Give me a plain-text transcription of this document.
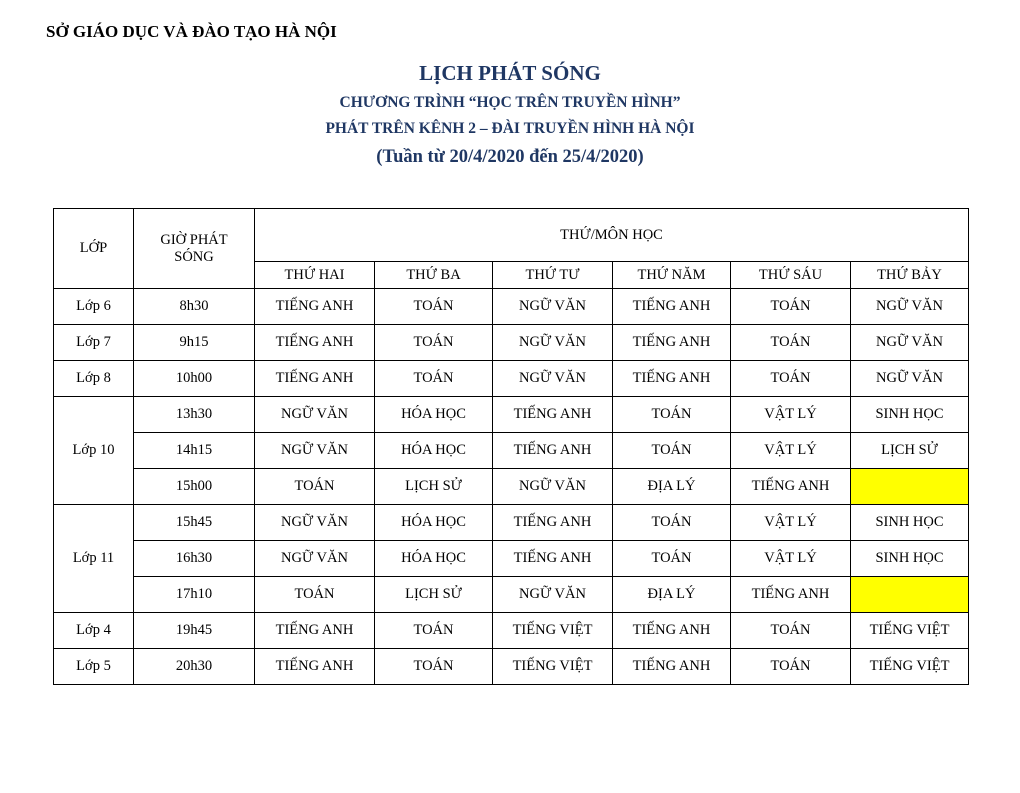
SỞ GIÁO DỤC VÀ ĐÀO TẠO HÀ NỘI
LỊCH PHÁT SÓNG
CHƯƠNG TRÌNH “HỌC TRÊN TRUYỀN HÌNH”
PHÁT TRÊN KÊNH 2 – ĐÀI TRUYỀN HÌNH HÀ NỘI
(Tuần từ 20/4/2020 đến 25/4/2020)
LỚP	GIỜ PHÁT SÓNG	THỨ/MÔN HỌC					
		THỨ HAI	THỨ BA	THỨ TƯ	THỨ NĂM	THỨ SÁU	THỨ BẢY
Lớp 6	8h30	TIẾNG ANH	TOÁN	NGỮ VĂN	TIẾNG ANH	TOÁN	NGỮ VĂN
Lớp 7	9h15	TIẾNG ANH	TOÁN	NGỮ VĂN	TIẾNG ANH	TOÁN	NGỮ VĂN
Lớp 8	10h00	TIẾNG ANH	TOÁN	NGỮ VĂN	TIẾNG ANH	TOÁN	NGỮ VĂN
Lớp 10	13h30	NGỮ VĂN	HÓA HỌC	TIẾNG ANH	TOÁN	VẬT LÝ	SINH HỌC
	14h15	NGỮ VĂN	HÓA HỌC	TIẾNG ANH	TOÁN	VẬT LÝ	LỊCH SỬ
	15h00	TOÁN	LỊCH SỬ	NGỮ VĂN	ĐỊA LÝ	TIẾNG ANH	
Lớp 11	15h45	NGỮ VĂN	HÓA HỌC	TIẾNG ANH	TOÁN	VẬT LÝ	SINH HỌC
	16h30	NGỮ VĂN	HÓA HỌC	TIẾNG ANH	TOÁN	VẬT LÝ	SINH HỌC
	17h10	TOÁN	LỊCH SỬ	NGỮ VĂN	ĐỊA LÝ	TIẾNG ANH	
Lớp 4	19h45	TIẾNG ANH	TOÁN	TIẾNG VIỆT	TIẾNG ANH	TOÁN	TIẾNG VIỆT
Lớp 5	20h30	TIẾNG ANH	TOÁN	TIẾNG VIỆT	TIẾNG ANH	TOÁN	TIẾNG VIỆT
